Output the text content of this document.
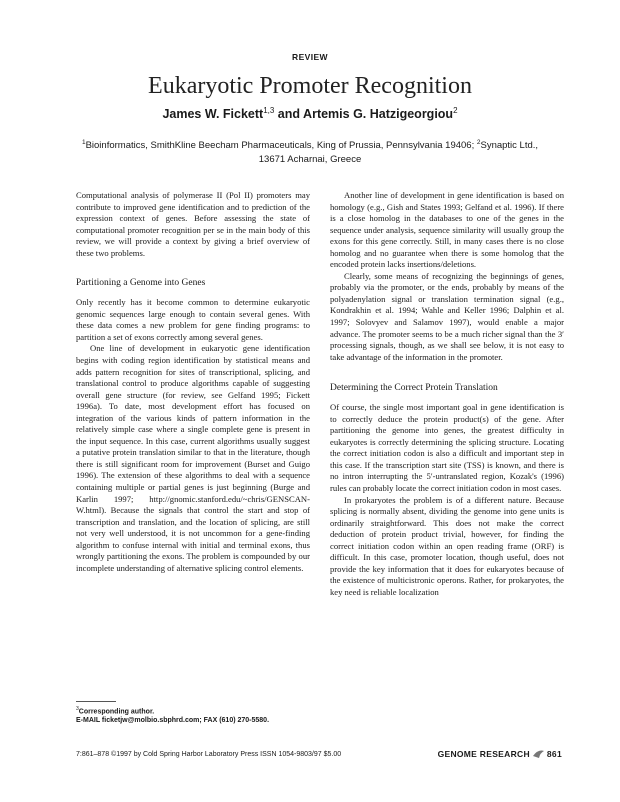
REVIEW
Eukaryotic Promoter Recognition
James W. Fickett$^{1,3}$ and Artemis G. Hatzigeorgiou$^2$
$^1$Bioinformatics, SmithKline Beecham Pharmaceuticals, King of Prussia, Pennsylvania 19406; $^2$Synaptic Ltd., 13671 Acharnai, Greece

Computational analysis of polymerase II (Pol II) promoters may contribute to improved gene identification and to prediction of the expression context of genes. Before assessing the state of computational promoter recognition per se in the main body of this review, we will provide a context by giving a brief overview of these two problems.

Partitioning a Genome into Genes

Only recently has it become common to determine eukaryotic genomic sequences large enough to contain several genes. With these data comes a new problem for gene finding programs: to partition a set of exons correctly among several genes.

One line of development in eukaryotic gene identification begins with coding region identification by statistical means and adds pattern recognition for sites of transcriptional, splicing, and translational control to produce algorithms capable of suggesting overall gene structure (for review, see Gelfand 1995; Fickett 1996a). To date, most development effort has focused on integration of the various kinds of pattern information in the relatively simple case where a single complete gene is present in the input sequence. In this case, current algorithms usually suggest a putative protein translation similar to that in the literature, though there is still significant room for improvement (Burset and Guigo 1996). The extension of these algorithms to deal with a sequence containing multiple or partial genes is just beginning (Burge and Karlin 1997; http://gnomic.stanford.edu/~chris/GENSCAN-W.html). Because the signals that control the start and stop of transcription and translation, and the location of splicing, are still not very well understood, it is not uncommon for a gene-finding algorithm to confuse internal with initial and terminal exons, thus wrongly partitioning the exons. The problem is compounded by our incomplete understanding of alternative splicing control elements.

Another line of development in gene identification is based on homology (e.g., Gish and States 1993; Gelfand et al. 1996). If there is a close homolog in the databases to one of the genes in the sequence under analysis, sequence similarity will usually group the exons for this gene correctly. Still, in many cases there is no close homolog and no guarantee when there is some homolog that the encoded protein lacks insertions/deletions.

Clearly, some means of recognizing the beginnings of genes, probably via the promoter, or the ends, probably by means of the polyadenylation signal or translation termination signal (e.g., Kondrakhin et al. 1994; Wahle and Keller 1996; Dalphin et al. 1997; Solovyev and Salamov 1997), would enable a major advance. The promoter seems to be a much richer signal than the 3′ processing signals, though, as we shall see below, it is not easy to take advantage of the information in the promoter.

Determining the Correct Protein Translation

Of course, the single most important goal in gene identification is to correctly deduce the protein product(s) of the gene. After partitioning the genome into genes, the greatest difficulty in eukaryotes is correctly determining the splicing structure. Locating the correct initiation codon is also a difficult and important step in this case. If the transcription start site (TSS) is known, and there is no intron interrupting the 5′-untranslated region, Kozak's (1996) rules can probably locate the correct initiation codon in most cases.

In prokaryotes the problem is of a different nature. Because splicing is normally absent, dividing the genome into gene units is ordinarily straightforward. This does not make the correct deduction of protein product trivial, however, for finding the correct initiation codon within an open reading frame (ORF) is difficult. In this case, promoter location, though useful, does not provide the key information that it does for eukaryotes because of the existence of multicistronic operons. Rather, for prokaryotes, the key need is reliable localization

$^3$Corresponding author.
E-MAIL ficketjw@molbio.sbphrd.com; FAX (610) 270-5580.
7:861–878 ©1997 by Cold Spring Harbor Laboratory Press ISSN 1054-9803/97 $5.00	GENOME RESEARCH 861
